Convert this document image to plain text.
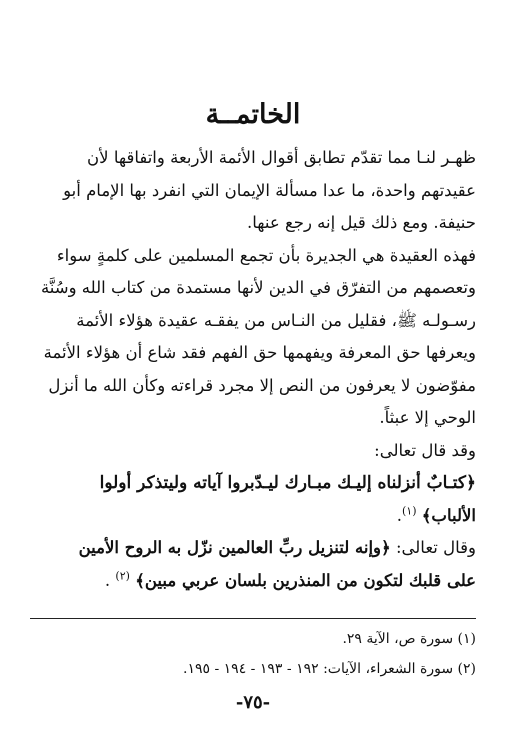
الخاتمــة
ظهـر لنـا مما تقدّم تطابق أقوال الأئمة الأربعة واتفاقها لأن
عقيدتهم واحدة، ما عدا مسألة الإيمان التي انفرد بها الإمام أبو
حنيفة. ومع ذلك قيل إنه رجع عنها.
فهذه العقيدة هي الجديرة بأن تجمع المسلمين على كلمةٍ سواء
وتعصمهم من التفرّق في الدين لأنها مستمدة من كتاب الله وسُنَّة
رسـولـه ﷺ، فقليل من النـاس من يفقـه عقيدة هؤلاء الأئمة
ويعرفها حق المعرفة ويفهمها حق الفهم فقد شاع أن هؤلاء الأئمة
مفوّضون لا يعرفون من النص إلا مجرد قراءته وكأن الله ما أنزل
الوحي إلا عبثاً.
وقد قال تعالى:
﴿كتـابٌ أنزلناه إليـك مبـارك ليـدّبروا آياته وليتذكر أولوا
الألباب﴾ $^{(١)}$.
وقال تعالى: ﴿وإنه لتنزيل ربِّ العالمين نزّل به الروح الأمين
على قلبك لتكون من المنذرين بلسان عربي مبين﴾ $^{(٢)}$ .
(١) سورة ص، الآية ٢٩.
(٢) سورة الشعراء، الآيات: ١٩٢ - ١٩٣ - ١٩٤ - ١٩٥.
-٧٥-
